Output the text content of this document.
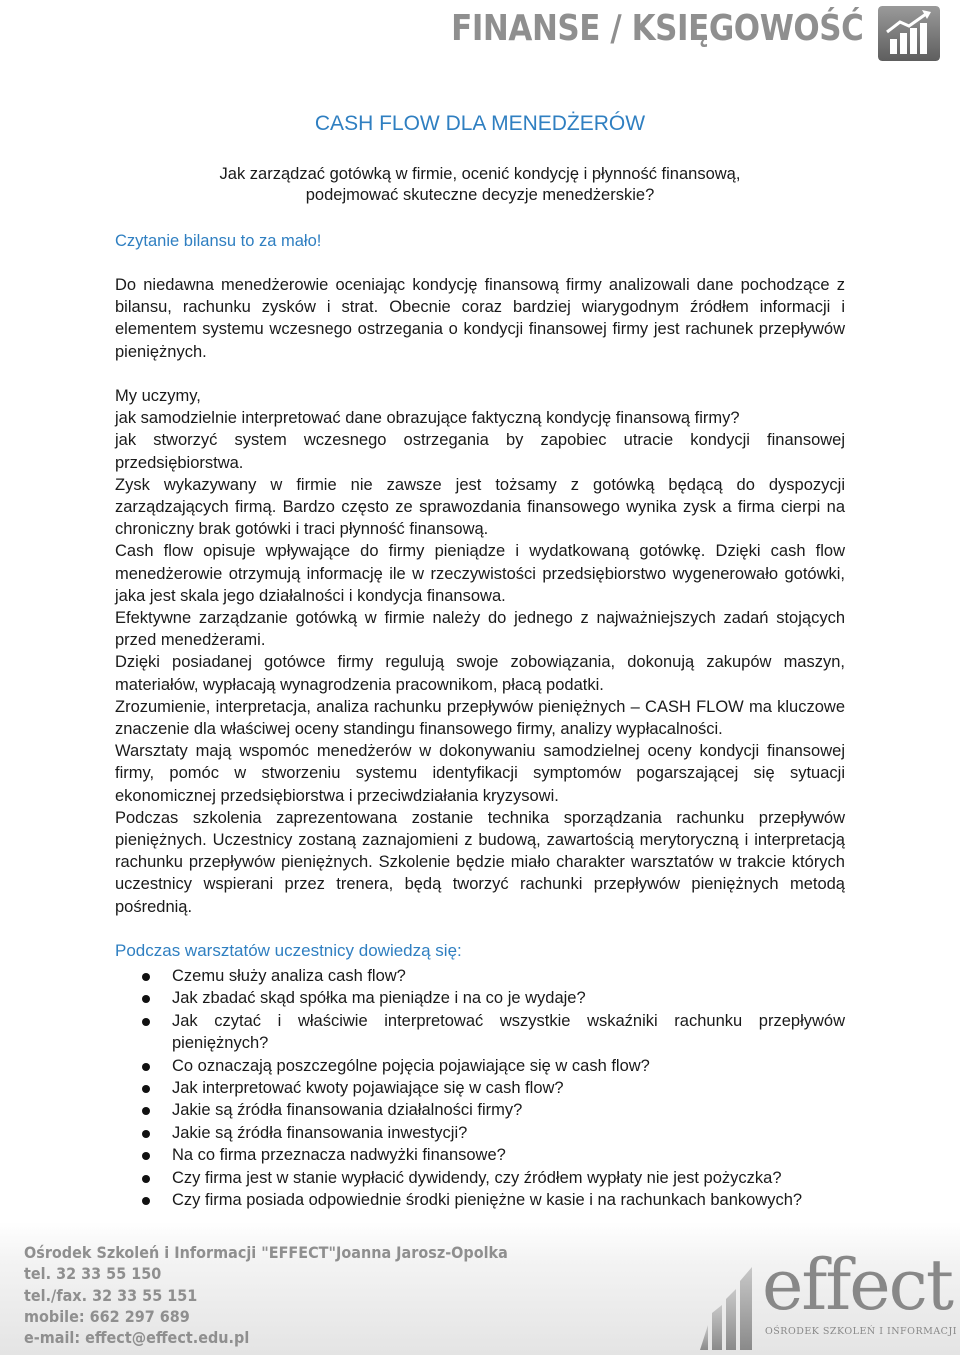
FINANSE / KSIĘGOWOŚĆ
CASH FLOW DLA MENEDŻERÓW
Jak zarządzać gotówką w firmie, ocenić kondycję i płynność finansową,
podejmować skuteczne decyzje menedżerskie?
Czytanie bilansu to za mało!
Do niedawna menedżerowie oceniając kondycję finansową firmy analizowali dane pochodzące z bilansu, rachunku zysków i strat. Obecnie coraz bardziej wiarygodnym źródłem informacji i elementem systemu wczesnego ostrzegania o kondycji finansowej firmy jest rachunek przepływów pieniężnych.
My uczymy,
jak samodzielnie interpretować dane obrazujące faktyczną kondycję finansową firmy?
jak stworzyć system wczesnego ostrzegania by zapobiec utracie kondycji finansowej przedsiębiorstwa.
Zysk wykazywany w firmie nie zawsze jest tożsamy z gotówką będącą do dyspozycji zarządzających firmą. Bardzo często ze sprawozdania finansowego wynika zysk a firma cierpi na chroniczny brak gotówki i traci płynność finansową.
Cash flow opisuje wpływające do firmy pieniądze i wydatkowaną gotówkę. Dzięki cash flow menedżerowie otrzymują informację ile w rzeczywistości przedsiębiorstwo wygenerowało gotówki, jaka jest skala jego działalności i kondycja finansowa.
Efektywne zarządzanie gotówką w firmie należy do jednego z najważniejszych zadań stojących przed menedżerami.
Dzięki posiadanej gotówce firmy regulują swoje zobowiązania, dokonują zakupów maszyn, materiałów, wypłacają wynagrodzenia pracownikom, płacą podatki.
Zrozumienie, interpretacja, analiza rachunku przepływów pieniężnych – CASH FLOW ma kluczowe znaczenie dla właściwej oceny standingu finansowego firmy, analizy wypłacalności.
Warsztaty mają wspomóc menedżerów w dokonywaniu samodzielnej oceny kondycji finansowej firmy, pomóc w stworzeniu systemu identyfikacji symptomów pogarszającej się sytuacji ekonomicznej przedsiębiorstwa i przeciwdziałania kryzysowi.
Podczas szkolenia zaprezentowana zostanie technika sporządzania rachunku przepływów pieniężnych. Uczestnicy zostaną zaznajomieni z budową, zawartością merytoryczną i interpretacją rachunku przepływów pieniężnych. Szkolenie będzie miało charakter warsztatów w trakcie których uczestnicy wspierani przez trenera, będą tworzyć rachunki przepływów pieniężnych metodą pośrednią.
Podczas warsztatów uczestnicy dowiedzą się:
Czemu służy analiza cash flow?
Jak zbadać skąd spółka ma pieniądze i na co je wydaje?
Jak czytać i właściwie interpretować wszystkie wskaźniki rachunku przepływów pieniężnych?
Co oznaczają poszczególne pojęcia pojawiające się w cash flow?
Jak interpretować kwoty pojawiające się w cash flow?
Jakie są źródła finansowania działalności firmy?
Jakie są źródła finansowania inwestycji?
Na co firma przeznacza nadwyżki finansowe?
Czy firma jest w stanie wypłacić dywidendy, czy źródłem wypłaty nie jest pożyczka?
Czy firma posiada odpowiednie środki pieniężne w kasie i na rachunkach bankowych?
Ośrodek Szkoleń i Informacji "EFFECT"Joanna Jarosz-Opolka
tel. 32 33 55 150
tel./fax. 32 33 55 151
mobile: 662 297 689
e-mail: effect@effect.edu.pl
effect
OŚRODEK SZKOLEŃ I INFORMACJI
